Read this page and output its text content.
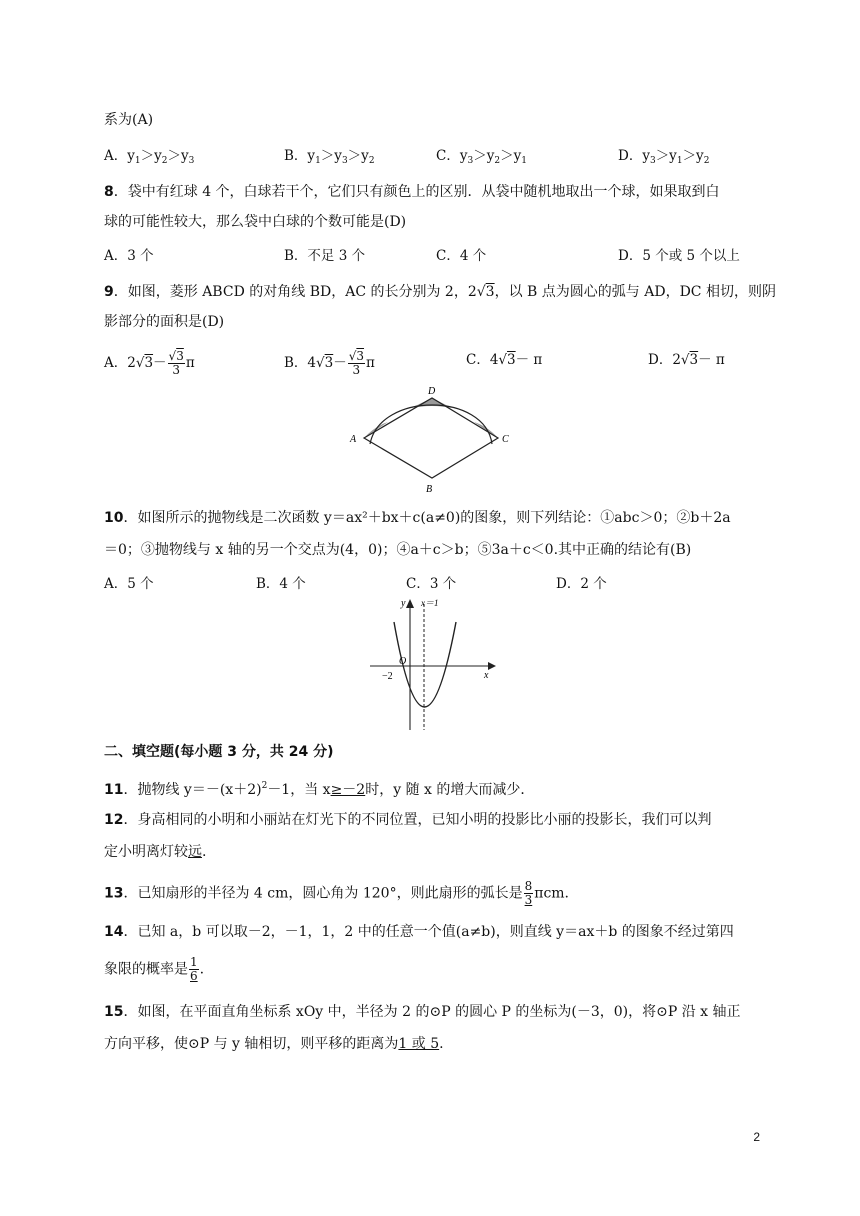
系为(A)
A．$y_1>y_2>y_3$	B．$y_1>y_3>y_2$	C．$y_3>y_2>y_1$	D．$y_3>y_1>y_2$
8．袋中有红球 4 个，白球若干个，它们只有颜色上的区别．从袋中随机地取出一个球，如果取到白
球的可能性较大，那么袋中白球的个数可能是(D)
A．3 个	B．不足 3 个	C．4 个	D．5 个或 5 个以上
9．如图，菱形 ABCD 的对角线 BD，AC 的长分别为 2，2√3，以 B 点为圆心的弧与 AD，DC 相切，则阴
影部分的面积是(D)
A．$2√3- \frac{√3}{3}$ π	B．$4√3- \frac{√3}{3}$ π	C．4√3－ π	D．2√3－ π
D
A	C
B
10．如图所示的抛物线是二次函数 y＝ax²＋bx＋c(a≠0)的图象，则下列结论：①abc＞0；②b＋2a
＝0；③抛物线与 x 轴的另一个交点为(4，0)；④a＋c＞b；⑤3a＋c＜0.其中正确的结论有(B)
A．5 个	B．4 个	C．3 个	D．2 个
y x＝1
O
−2	x
二、填空题(每小题 3 分，共 24 分)
11．抛物线 $y=-(x+2)^2-1$，当 x≥－2时，y 随 x 的增大而减少．
12．身高相同的小明和小丽站在灯光下的不同位置，已知小明的投影比小丽的投影长，我们可以判
定小明离灯较远.
13．已知扇形的半径为 4 cm，圆心角为 120°，则此扇形的弧长是 $\frac{8}{3} \pi cm$.
14．已知 a，b 可以取－2，－1，1，2 中的任意一个值(a≠b)，则直线 y＝ax＋b 的图象不经过第四
象限的概率是 $\frac{1}{6}$ .
15．如图，在平面直角坐标系 xOy 中，半径为 2 的⊙P 的圆心 P 的坐标为(－3，0)，将⊙P 沿 x 轴正
方向平移，使⊙P 与 y 轴相切，则平移的距离为1 或 5.
2
